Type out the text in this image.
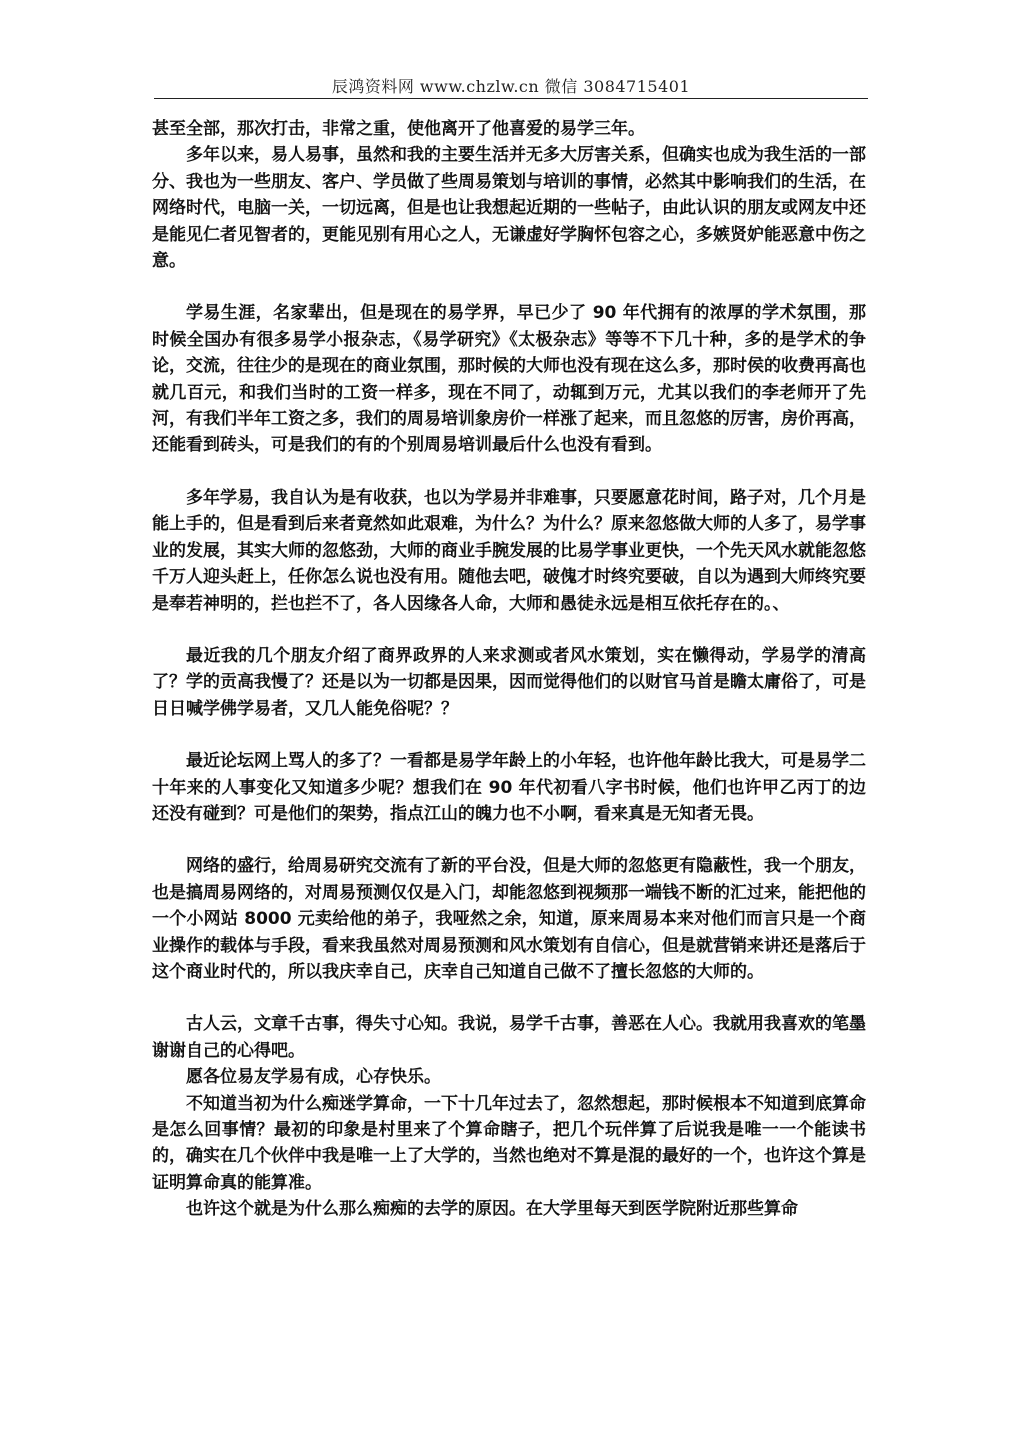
辰鸿资料网 www.chzlw.cn 微信 3084715401

甚至全部，那次打击，非常之重，使他离开了他喜爱的易学三年。

多年以来，易人易事，虽然和我的主要生活并无多大厉害关系，但确实也成为我生活的一部分、我也为一些朋友、客户、学员做了些周易策划与培训的事情，必然其中影响我们的生活，在网络时代，电脑一关，一切远离，但是也让我想起近期的一些帖子，由此认识的朋友或网友中还是能见仁者见智者的，更能见别有用心之人，无谦虚好学胸怀包容之心，多嫉贤妒能恶意中伤之意。

学易生涯，名家辈出，但是现在的易学界，早已少了 90 年代拥有的浓厚的学术氛围，那时候全国办有很多易学小报杂志，《易学研究》《太极杂志》等等不下几十种，多的是学术的争论，交流，往往少的是现在的商业氛围，那时候的大师也没有现在这么多，那时侯的收费再高也就几百元，和我们当时的工资一样多，现在不同了，动辄到万元，尤其以我们的李老师开了先河，有我们半年工资之多，我们的周易培训象房价一样涨了起来，而且忽悠的厉害，房价再高，还能看到砖头，可是我们的有的个别周易培训最后什么也没有看到。

多年学易，我自认为是有收获，也以为学易并非难事，只要愿意花时间，路子对，几个月是能上手的，但是看到后来者竟然如此艰难，为什么？为什么？原来忽悠做大师的人多了，易学事业的发展，其实大师的忽悠劲，大师的商业手腕发展的比易学事业更快，一个先天风水就能忽悠千万人迎头赶上，任你怎么说也没有用。随他去吧，破傀才时终究要破，自以为遇到大师终究要是奉若神明的，拦也拦不了，各人因缘各人命，大师和愚徒永远是相互依托存在的。、

最近我的几个朋友介绍了商界政界的人来求测或者风水策划，实在懒得动，学易学的清高了？学的贡高我慢了？还是以为一切都是因果，因而觉得他们的以财官马首是瞻太庸俗了，可是日日喊学佛学易者，又几人能免俗呢？？

最近论坛网上骂人的多了？一看都是易学年龄上的小年轻，也许他年龄比我大，可是易学二十年来的人事变化又知道多少呢？想我们在 90 年代初看八字书时候，他们也许甲乙丙丁的边还没有碰到？可是他们的架势，指点江山的魄力也不小啊，看来真是无知者无畏。

网络的盛行，给周易研究交流有了新的平台没，但是大师的忽悠更有隐蔽性，我一个朋友，也是搞周易网络的，对周易预测仅仅是入门，却能忽悠到视频那一端钱不断的汇过来，能把他的一个小网站 8000 元卖给他的弟子，我哑然之余，知道，原来周易本来对他们而言只是一个商业操作的载体与手段，看来我虽然对周易预测和风水策划有自信心，但是就营销来讲还是落后于这个商业时代的，所以我庆幸自己，庆幸自己知道自己做不了擅长忽悠的大师的。

古人云，文章千古事，得失寸心知。我说，易学千古事，善恶在人心。我就用我喜欢的笔墨谢谢自己的心得吧。

愿各位易友学易有成，心存快乐。

不知道当初为什么痴迷学算命，一下十几年过去了，忽然想起，那时候根本不知道到底算命是怎么回事情？最初的印象是村里来了个算命瞎子，把几个玩伴算了后说我是唯一一个能读书的，确实在几个伙伴中我是唯一上了大学的，当然也绝对不算是混的最好的一个，也许这个算是证明算命真的能算准。

也许这个就是为什么那么痴痴的去学的原因。在大学里每天到医学院附近那些算命
